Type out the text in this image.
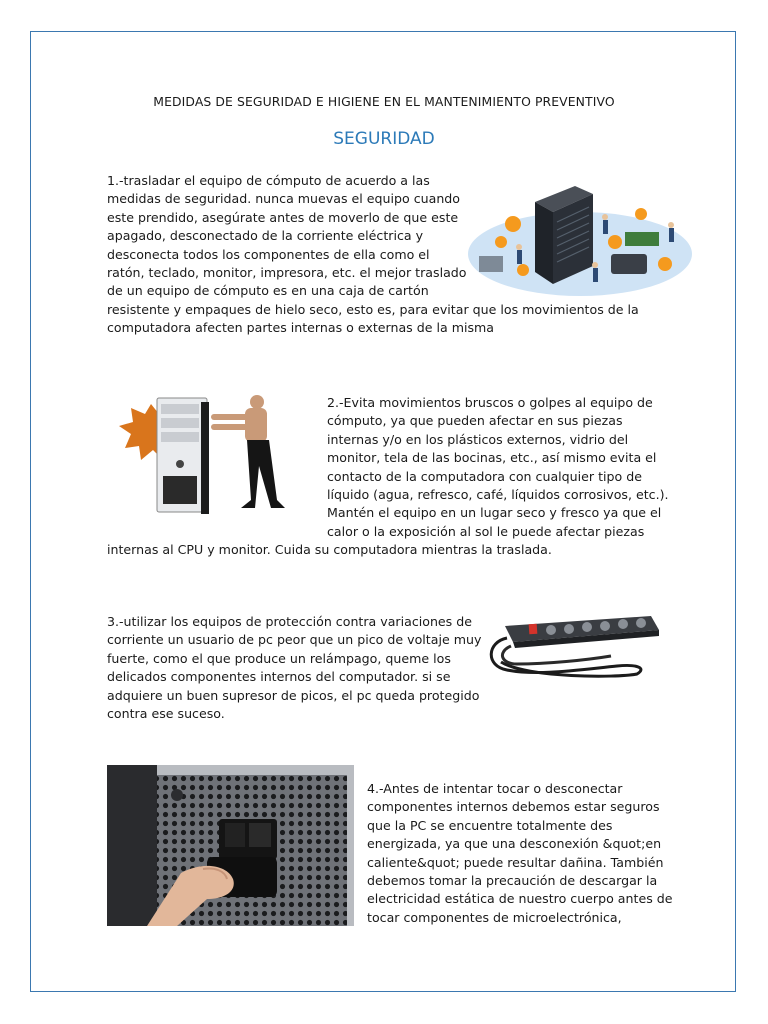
MEDIDAS DE SEGURIDAD E HIGIENE EN EL MANTENIMIENTO PREVENTIVO
SEGURIDAD
1.-trasladar el equipo de cómputo de acuerdo a las
medidas de seguridad. nunca muevas el equipo cuando
este prendido, asegúrate antes de moverlo de que este
apagado, desconectado de la corriente eléctrica y
desconecta todos los componentes de ella como el
ratón, teclado, monitor, impresora, etc. el mejor traslado
de un equipo de cómputo es en una caja de cartón
resistente y empaques de hielo seco, esto es, para evitar que los movimientos de la
computadora afecten partes internas o externas de la misma
2.-Evita movimientos bruscos o golpes al equipo de
cómputo, ya que pueden afectar en sus piezas
internas y/o en los plásticos externos, vidrio del
monitor, tela de las bocinas, etc., así mismo evita el
contacto de la computadora con cualquier tipo de
líquido (agua, refresco, café, líquidos corrosivos, etc.).
Mantén el equipo en un lugar seco y fresco ya que el
calor o la exposición al sol le puede afectar piezas
internas al CPU y monitor. Cuida su computadora mientras la traslada.
3.-utilizar los equipos de protección contra variaciones de
corriente un usuario de pc peor que un pico de voltaje muy
fuerte, como el que produce un relámpago, queme los
delicados componentes internos del computador. si se
adquiere un buen supresor de picos, el pc queda protegido
contra ese suceso.
4.-Antes de intentar tocar o desconectar
componentes internos debemos estar seguros
que la PC se encuentre totalmente des
energizada, ya que una desconexión &quot;en
caliente&quot; puede resultar dañina. También
debemos tomar la precaución de descargar la
electricidad estática de nuestro cuerpo antes de
tocar componentes de microelectrónica,
